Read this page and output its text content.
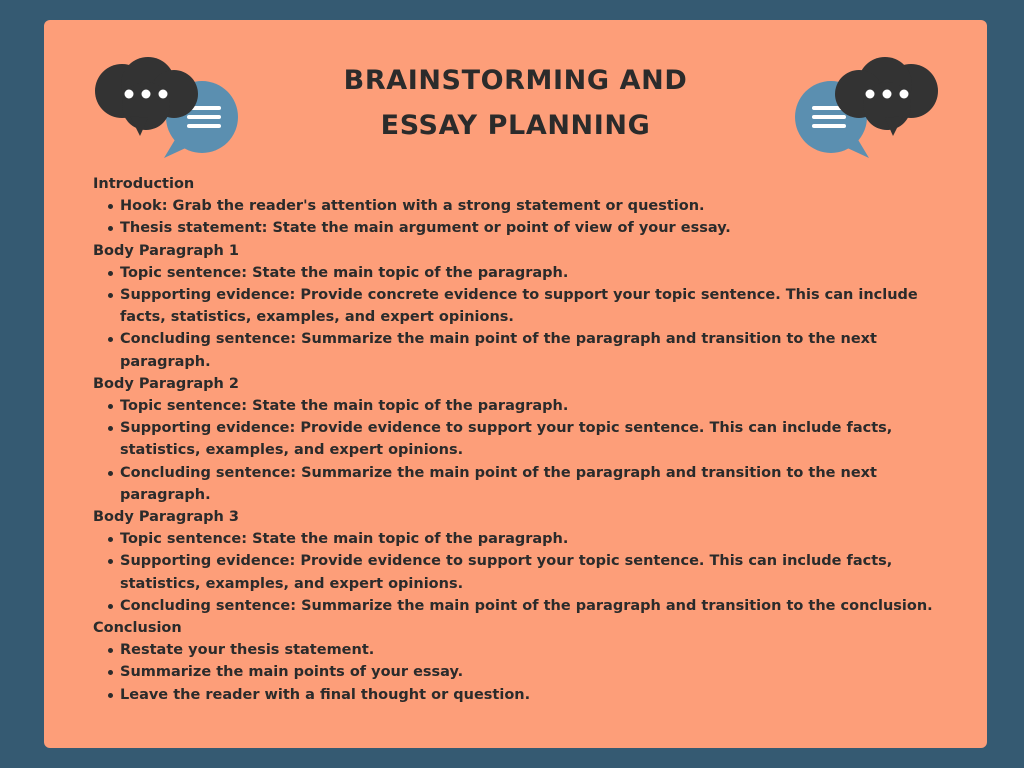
BRAINSTORMING AND
ESSAY PLANNING
Introduction
Hook: Grab the reader's attention with a strong statement or question.
Thesis statement: State the main argument or point of view of your essay.
Body Paragraph 1
Topic sentence: State the main topic of the paragraph.
Supporting evidence: Provide concrete evidence to support your topic sentence. This can include facts, statistics, examples, and expert opinions.
Concluding sentence: Summarize the main point of the paragraph and transition to the next paragraph.
Body Paragraph 2
Topic sentence: State the main topic of the paragraph.
Supporting evidence: Provide evidence to support your topic sentence. This can include facts, statistics, examples, and expert opinions.
Concluding sentence: Summarize the main point of the paragraph and transition to the next paragraph.
Body Paragraph 3
Topic sentence: State the main topic of the paragraph.
Supporting evidence: Provide evidence to support your topic sentence. This can include facts, statistics, examples, and expert opinions.
Concluding sentence: Summarize the main point of the paragraph and transition to the conclusion.
Conclusion
Restate your thesis statement.
Summarize the main points of your essay.
Leave the reader with a final thought or question.
